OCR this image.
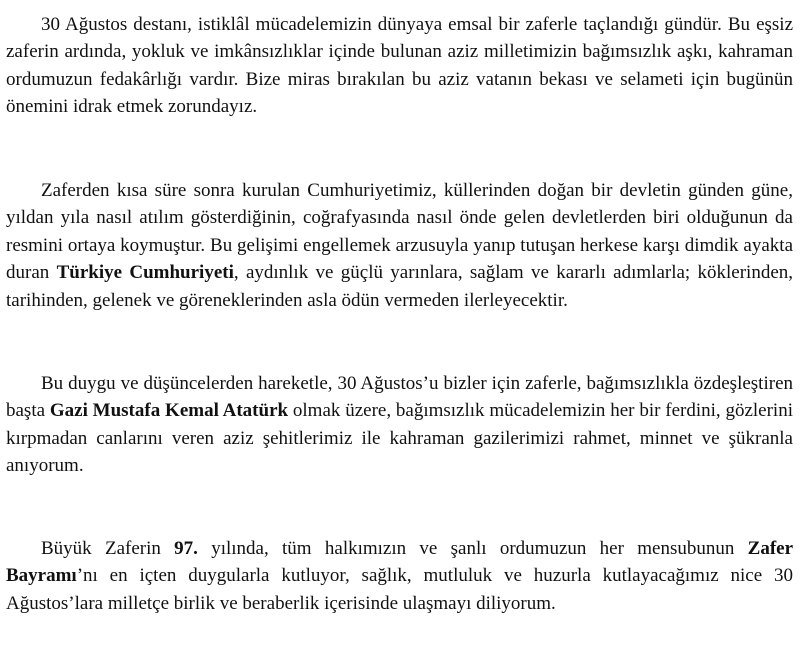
30 Ağustos destanı, istiklâl mücadelemizin dünyaya emsal bir zaferle taçlandığı gündür. Bu eşsiz zaferin ardında, yokluk ve imkânsızlıklar içinde bulunan aziz milletimizin bağımsızlık aşkı, kahraman ordumuzun fedakârlığı vardır. Bize miras bırakılan bu aziz vatanın bekası ve selameti için bugünün önemini idrak etmek zorundayız.

Zaferden kısa süre sonra kurulan Cumhuriyetimiz, küllerinden doğan bir devletin günden güne, yıldan yıla nasıl atılım gösterdiğinin, coğrafyasında nasıl önde gelen devletlerden biri olduğunun da resmini ortaya koymuştur. Bu gelişimi engellemek arzusuyla yanıp tutuşan herkese karşı dimdik ayakta duran Türkiye Cumhuriyeti, aydınlık ve güçlü yarınlara, sağlam ve kararlı adımlarla; köklerinden, tarihinden, gelenek ve göreneklerinden asla ödün vermeden ilerleyecektir.

Bu duygu ve düşüncelerden hareketle, 30 Ağustos’u bizler için zaferle, bağımsızlıkla özdeşleştiren başta Gazi Mustafa Kemal Atatürk olmak üzere, bağımsızlık mücadelemizin her bir ferdini, gözlerini kırpmadan canlarını veren aziz şehitlerimiz ile kahraman gazilerimizi rahmet, minnet ve şükranla anıyorum.

Büyük Zaferin 97. yılında, tüm halkımızın ve şanlı ordumuzun her mensubunun Zafer Bayramı’nı en içten duygularla kutluyor, sağlık, mutluluk ve huzurla kutlayacağımız nice 30 Ağustos’lara milletçe birlik ve beraberlik içerisinde ulaşmayı diliyorum.
